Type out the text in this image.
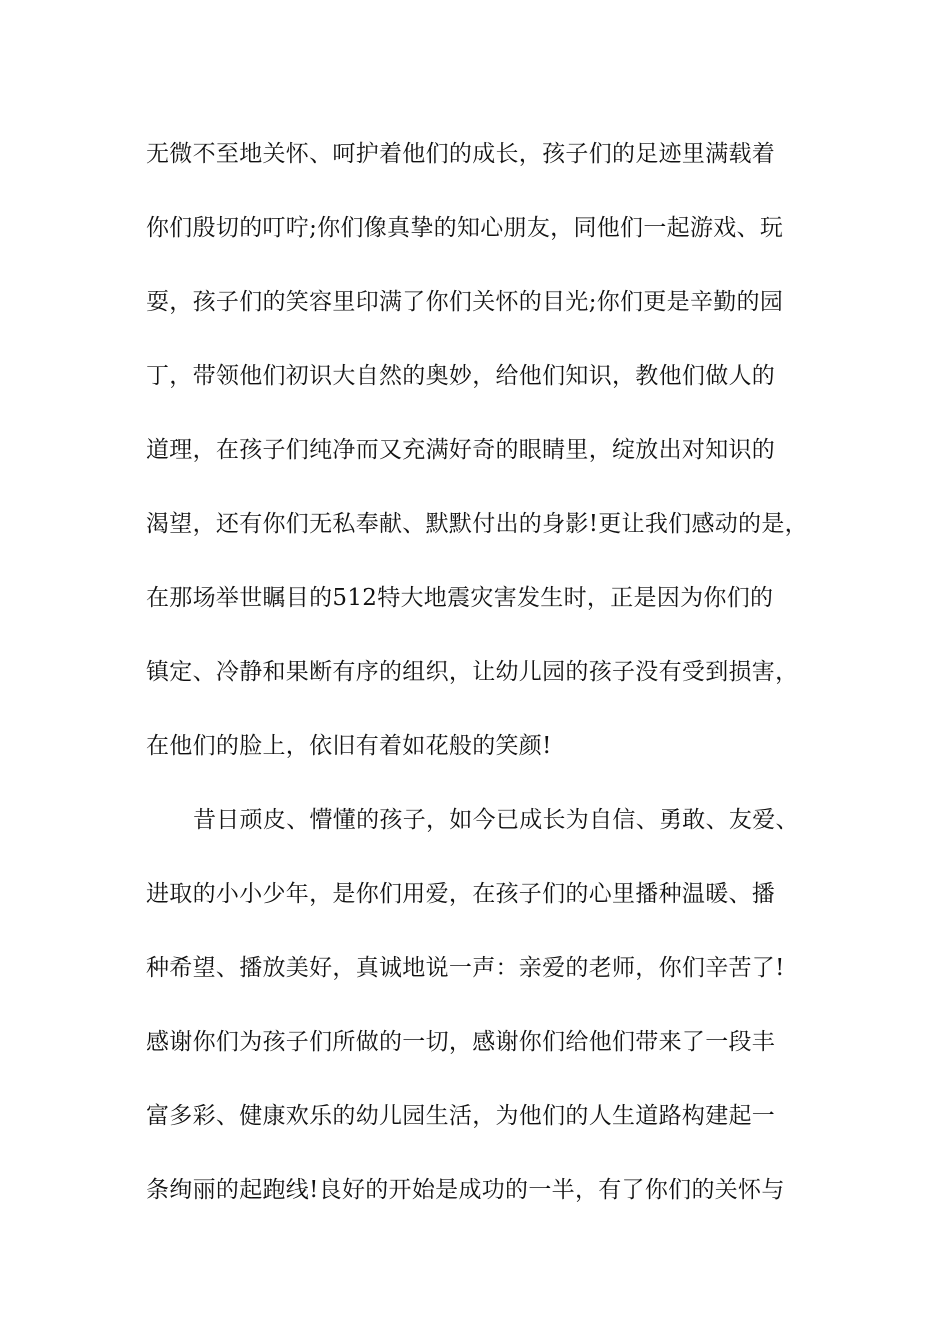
无微不至地关怀、呵护着他们的成长，孩子们的足迹里满载着
你们殷切的叮咛;你们像真挚的知心朋友，同他们一起游戏、玩
耍，孩子们的笑容里印满了你们关怀的目光;你们更是辛勤的园
丁，带领他们初识大自然的奥妙，给他们知识，教他们做人的
道理，在孩子们纯净而又充满好奇的眼睛里，绽放出对知识的
渴望，还有你们无私奉献、默默付出的身影!更让我们感动的是，
在那场举世瞩目的512特大地震灾害发生时，正是因为你们的
镇定、冷静和果断有序的组织，让幼儿园的孩子没有受到损害，
在他们的脸上，依旧有着如花般的笑颜!
昔日顽皮、懵懂的孩子，如今已成长为自信、勇敢、友爱、
进取的小小少年，是你们用爱，在孩子们的心里播种温暖、播
种希望、播放美好，真诚地说一声：亲爱的老师，你们辛苦了!
感谢你们为孩子们所做的一切，感谢你们给他们带来了一段丰
富多彩、健康欢乐的幼儿园生活，为他们的人生道路构建起一
条绚丽的起跑线!良好的开始是成功的一半，有了你们的关怀与
